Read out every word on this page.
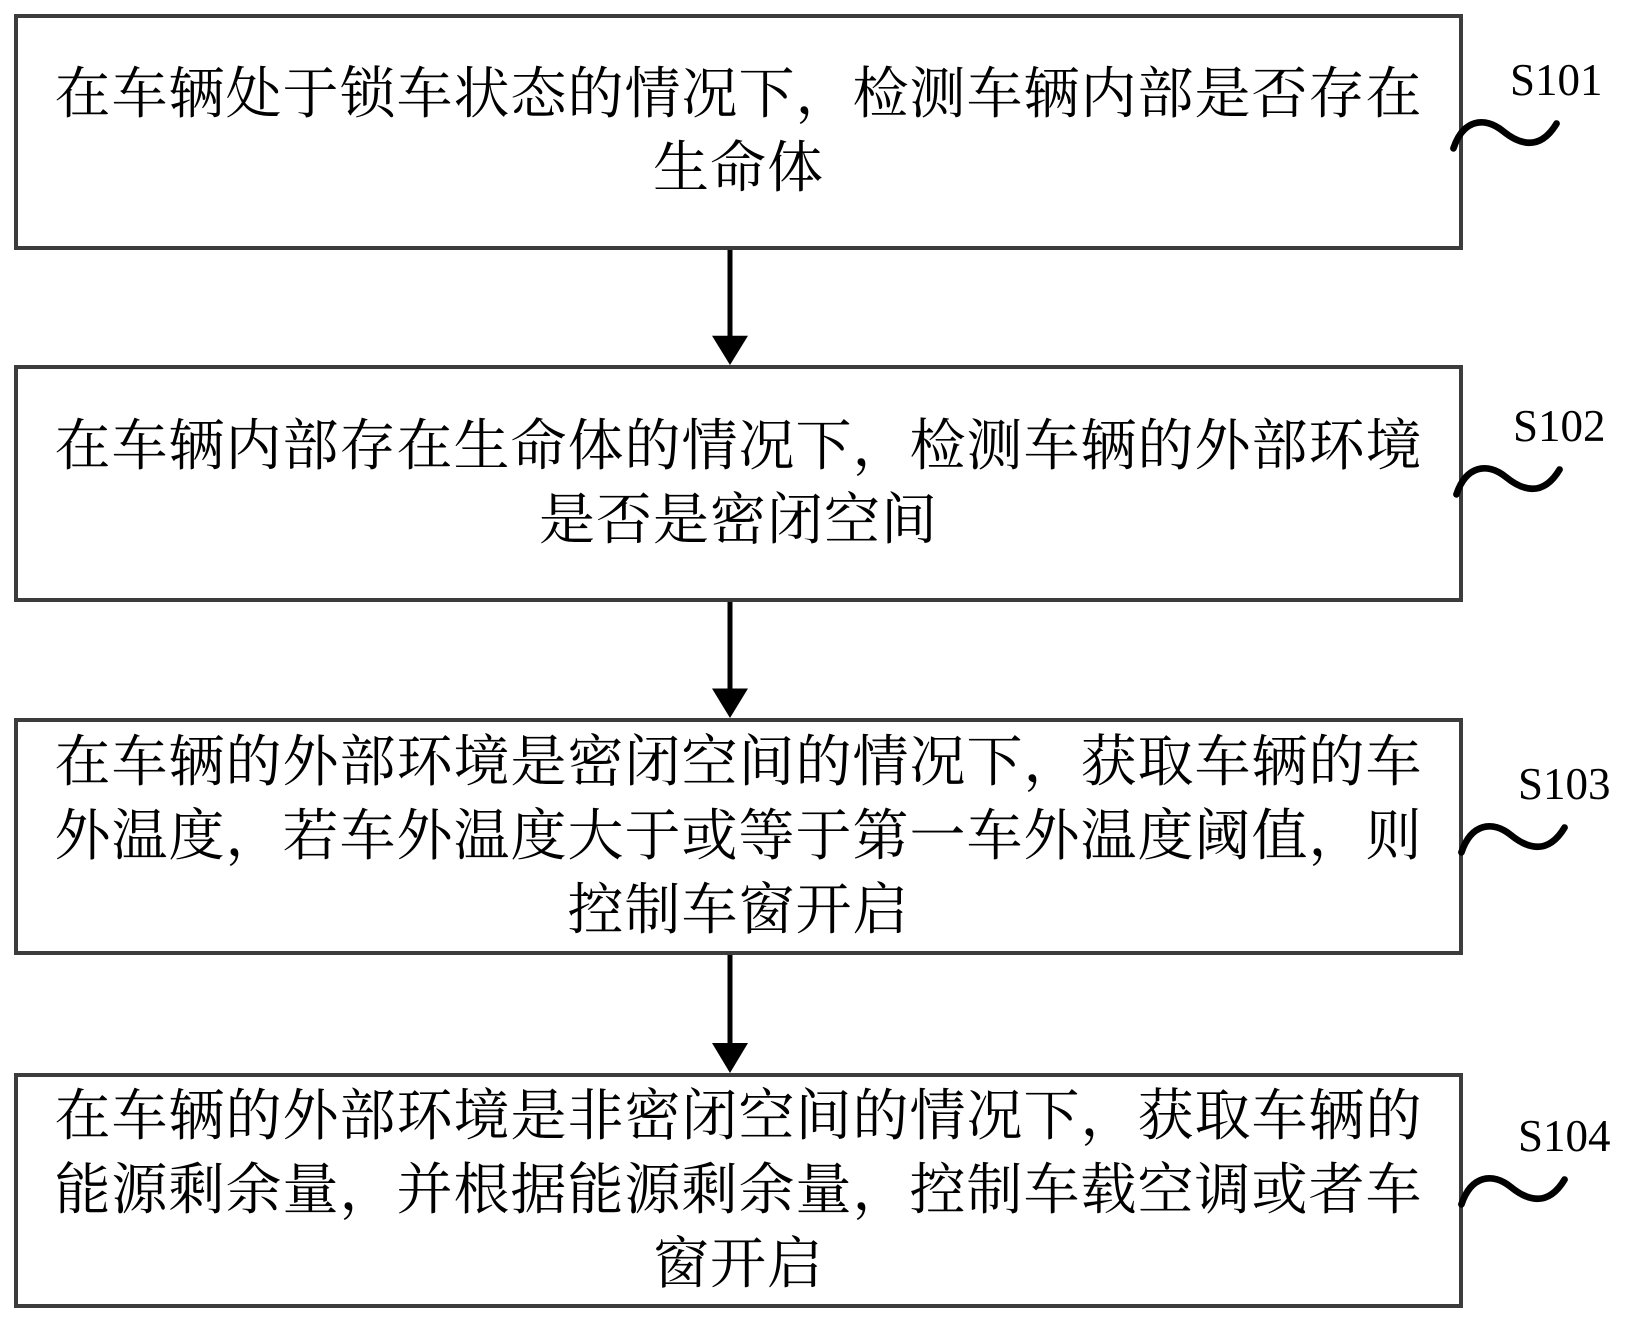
在车辆处于锁车状态的情况下，检测车辆内部是否存在
生命体
在车辆内部存在生命体的情况下，检测车辆的外部环境
是否是密闭空间
在车辆的外部环境是密闭空间的情况下，获取车辆的车
外温度，若车外温度大于或等于第一车外温度阈值，则
控制车窗开启
在车辆的外部环境是非密闭空间的情况下，获取车辆的
能源剩余量，并根据能源剩余量，控制车载空调或者车
窗开启
S101
S102
S103
S104
